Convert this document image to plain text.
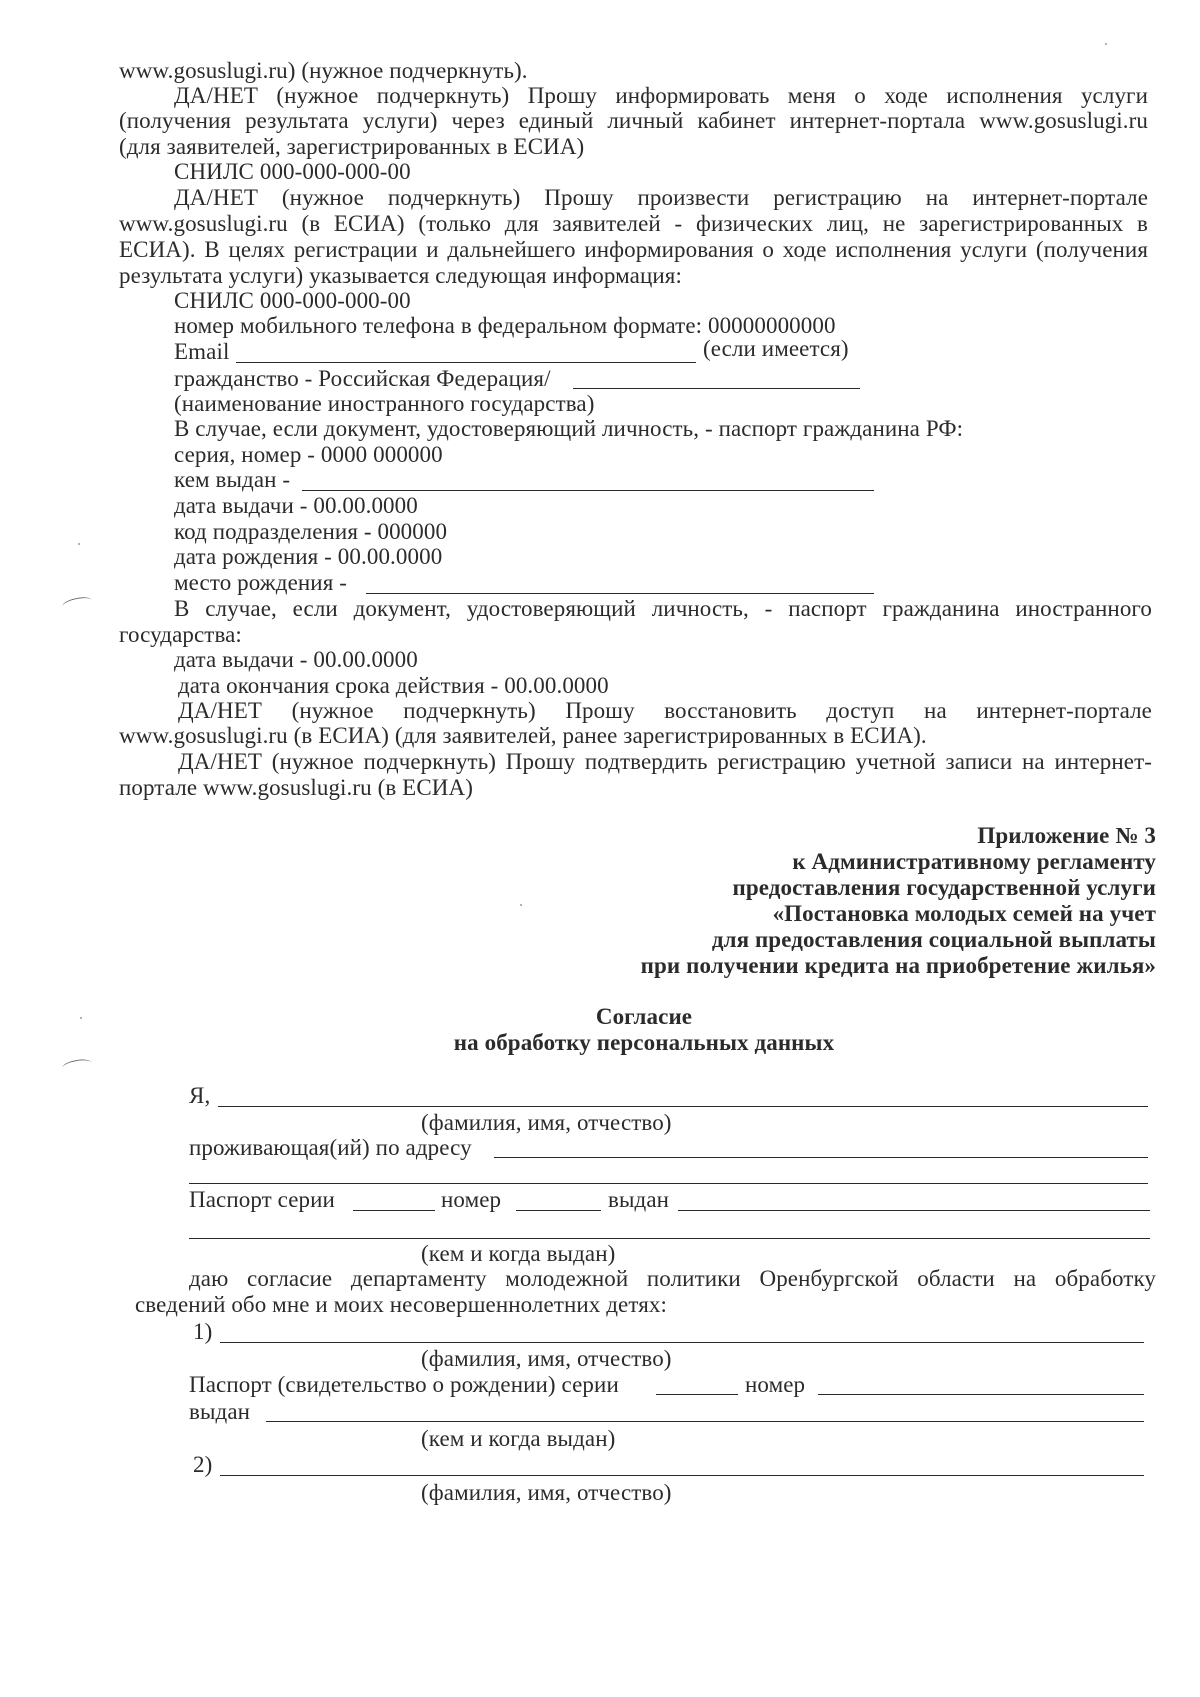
www.gosuslugi.ru) (нужное подчеркнуть).
ДА/НЕТ (нужное подчеркнуть) Прошу информировать меня о ходе исполнения услуги
(получения результата услуги) через единый личный кабинет интернет-портала www.gosuslugi.ru
(для заявителей, зарегистрированных в ЕСИА)
СНИЛС 000-000-000-00
ДА/НЕТ (нужное подчеркнуть) Прошу произвести регистрацию на интернет-портале
www.gosuslugi.ru (в ЕСИА) (только для заявителей - физических лиц, не зарегистрированных в
ЕСИА). В целях регистрации и дальнейшего информирования о ходе исполнения услуги (получения
результата услуги) указывается следующая информация:
СНИЛС 000-000-000-00
номер мобильного телефона в федеральном формате: 00000000000
Email	(если имеется)
гражданство - Российская Федерация/
(наименование иностранного государства)
В случае, если документ, удостоверяющий личность, - паспорт гражданина РФ:
серия, номер - 0000 000000
кем выдан -
дата выдачи - 00.00.0000
код подразделения - 000000
дата рождения - 00.00.0000
место рождения -
В случае, если документ, удостоверяющий личность, - паспорт гражданина иностранного
государства:
дата выдачи - 00.00.0000
дата окончания срока действия - 00.00.0000
ДА/НЕТ (нужное подчеркнуть) Прошу восстановить доступ на интернет-портале
www.gosuslugi.ru (в ЕСИА) (для заявителей, ранее зарегистрированных в ЕСИА).
ДА/НЕТ (нужное подчеркнуть) Прошу подтвердить регистрацию учетной записи на интернет-
портале www.gosuslugi.ru (в ЕСИА)
Приложение № 3
к Административному регламенту
предоставления государственной услуги
«Постановка молодых семей на учет
для предоставления социальной выплаты
при получении кредита на приобретение жилья»
Согласие
на обработку персональных данных
Я,
(фамилия, имя, отчество)
проживающая(ий) по адресу
Паспорт серии	номер	выдан
(кем и когда выдан)
даю согласие департаменту молодежной политики Оренбургской области на обработку
сведений обо мне и моих несовершеннолетних детях:
1)
(фамилия, имя, отчество)
Паспорт (свидетельство о рождении) серии	номер
выдан
(кем и когда выдан)
2)
(фамилия, имя, отчество)
